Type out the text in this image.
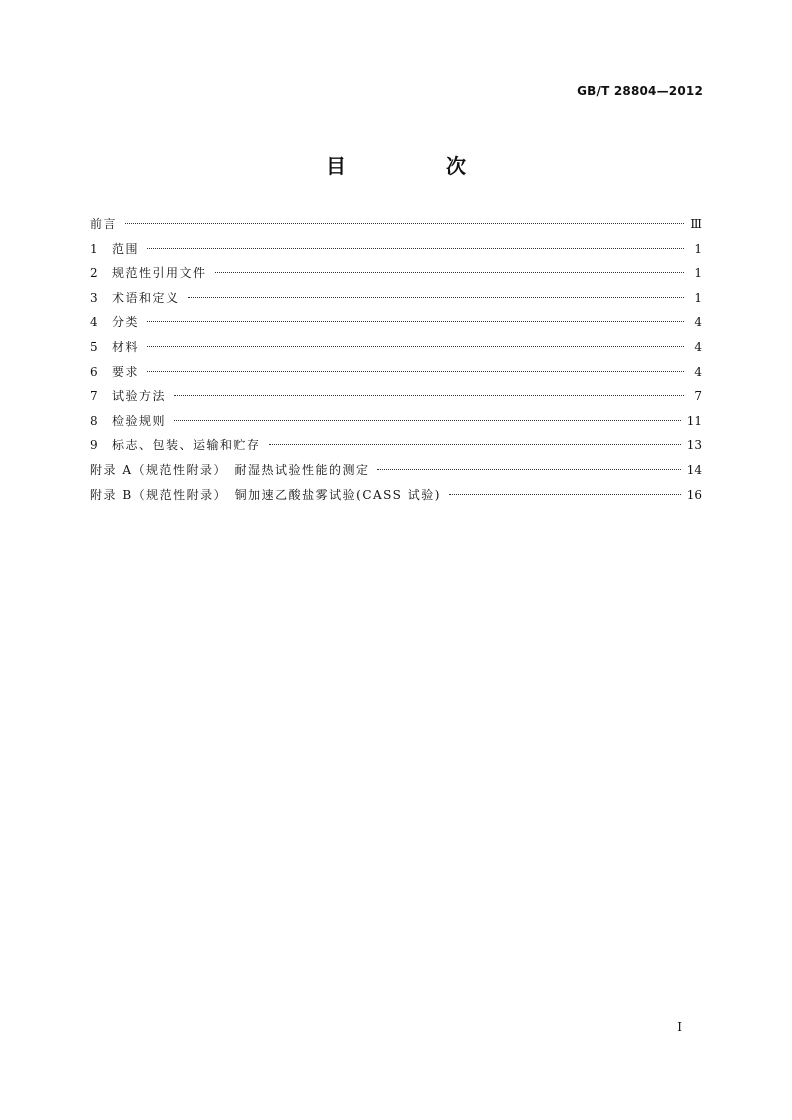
GB/T 28804—2012
目　次
前言	Ⅲ
1	范围	1
2	规范性引用文件	1
3	术语和定义	1
4	分类	4
5	材料	4
6	要求	4
7	试验方法	7
8	检验规则	11
9	标志、包装、运输和贮存	13
附录 A（规范性附录）　耐湿热试验性能的测定	14
附录 B（规范性附录）　铜加速乙酸盐雾试验(CASS 试验)	16
I
